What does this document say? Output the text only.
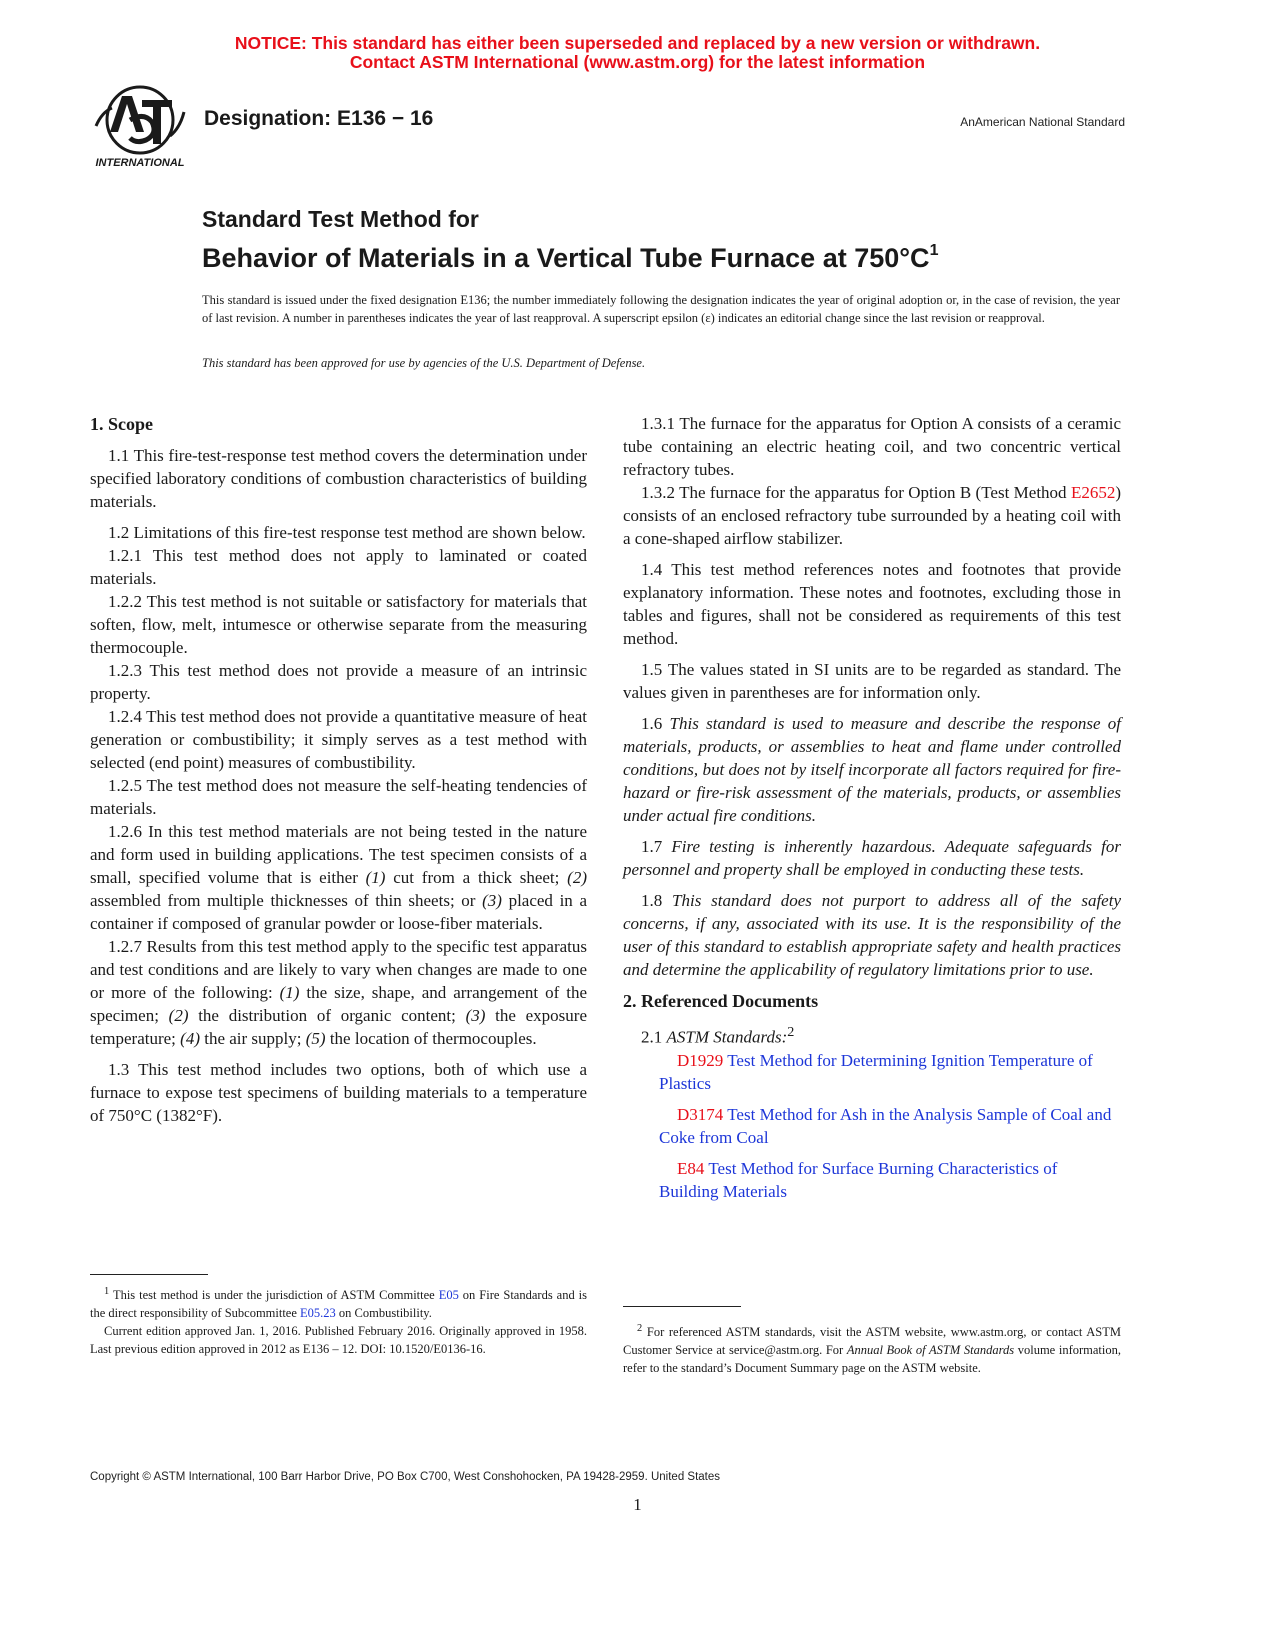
NOTICE: This standard has either been superseded and replaced by a new version or withdrawn.
Contact ASTM International (www.astm.org) for the latest information
INTERNATIONAL
Designation: E136 − 16	AnAmerican National Standard
Standard Test Method for
Behavior of Materials in a Vertical Tube Furnace at $750^\circ C^1$
This standard is issued under the fixed designation E136; the number immediately following the designation indicates the year of original adoption or, in the case of revision, the year of last revision. A number in parentheses indicates the year of last reapproval. A superscript epsilon (ε) indicates an editorial change since the last revision or reapproval.
This standard has been approved for use by agencies of the U.S. Department of Defense.
1. Scope

1.1 This fire-test-response test method covers the determination under specified laboratory conditions of combustion characteristics of building materials.

1.2 Limitations of this fire-test response test method are shown below.

1.2.1 This test method does not apply to laminated or coated materials.

1.2.2 This test method is not suitable or satisfactory for materials that soften, flow, melt, intumesce or otherwise separate from the measuring thermocouple.

1.2.3 This test method does not provide a measure of an intrinsic property.

1.2.4 This test method does not provide a quantitative measure of heat generation or combustibility; it simply serves as a test method with selected (end point) measures of combustibility.

1.2.5 The test method does not measure the self-heating tendencies of materials.

1.2.6 In this test method materials are not being tested in the nature and form used in building applications. The test specimen consists of a small, specified volume that is either (1) cut from a thick sheet; (2) assembled from multiple thicknesses of thin sheets; or (3) placed in a container if composed of granular powder or loose-fiber materials.

1.2.7 Results from this test method apply to the specific test apparatus and test conditions and are likely to vary when changes are made to one or more of the following: (1) the size, shape, and arrangement of the specimen; (2) the distribution of organic content; (3) the exposure temperature; (4) the air supply; (5) the location of thermocouples.

1.3 This test method includes two options, both of which use a furnace to expose test specimens of building materials to a temperature of 750°C (1382°F).

1.3.1 The furnace for the apparatus for Option A consists of a ceramic tube containing an electric heating coil, and two concentric vertical refractory tubes.

1.3.2 The furnace for the apparatus for Option B (Test Method E2652) consists of an enclosed refractory tube surrounded by a heating coil with a cone-shaped airflow stabilizer.

1.4 This test method references notes and footnotes that provide explanatory information. These notes and footnotes, excluding those in tables and figures, shall not be considered as requirements of this test method.

1.5 The values stated in SI units are to be regarded as standard. The values given in parentheses are for information only.

1.6 This standard is used to measure and describe the response of materials, products, or assemblies to heat and flame under controlled conditions, but does not by itself incorporate all factors required for fire-hazard or fire-risk assessment of the materials, products, or assemblies under actual fire conditions.

1.7 Fire testing is inherently hazardous. Adequate safeguards for personnel and property shall be employed in conducting these tests.

1.8 This standard does not purport to address all of the safety concerns, if any, associated with its use. It is the responsibility of the user of this standard to establish appropriate safety and health practices and determine the applicability of regulatory limitations prior to use.

2. Referenced Documents

2.1 ASTM Standards:$^2$

D1929 Test Method for Determining Ignition Temperature of Plastics

D3174 Test Method for Ash in the Analysis Sample of Coal and Coke from Coal

E84 Test Method for Surface Burning Characteristics of Building Materials

$^1$ This test method is under the jurisdiction of ASTM Committee E05 on Fire Standards and is the direct responsibility of Subcommittee E05.23 on Combustibility.

Current edition approved Jan. 1, 2016. Published February 2016. Originally approved in 1958. Last previous edition approved in 2012 as E136 – 12. DOI: 10.1520/E0136-16.

$^2$ For referenced ASTM standards, visit the ASTM website, www.astm.org, or contact ASTM Customer Service at service@astm.org. For Annual Book of ASTM Standards volume information, refer to the standard’s Document Summary page on the ASTM website.

Copyright © ASTM International, 100 Barr Harbor Drive, PO Box C700, West Conshohocken, PA 19428-2959. United States
1
